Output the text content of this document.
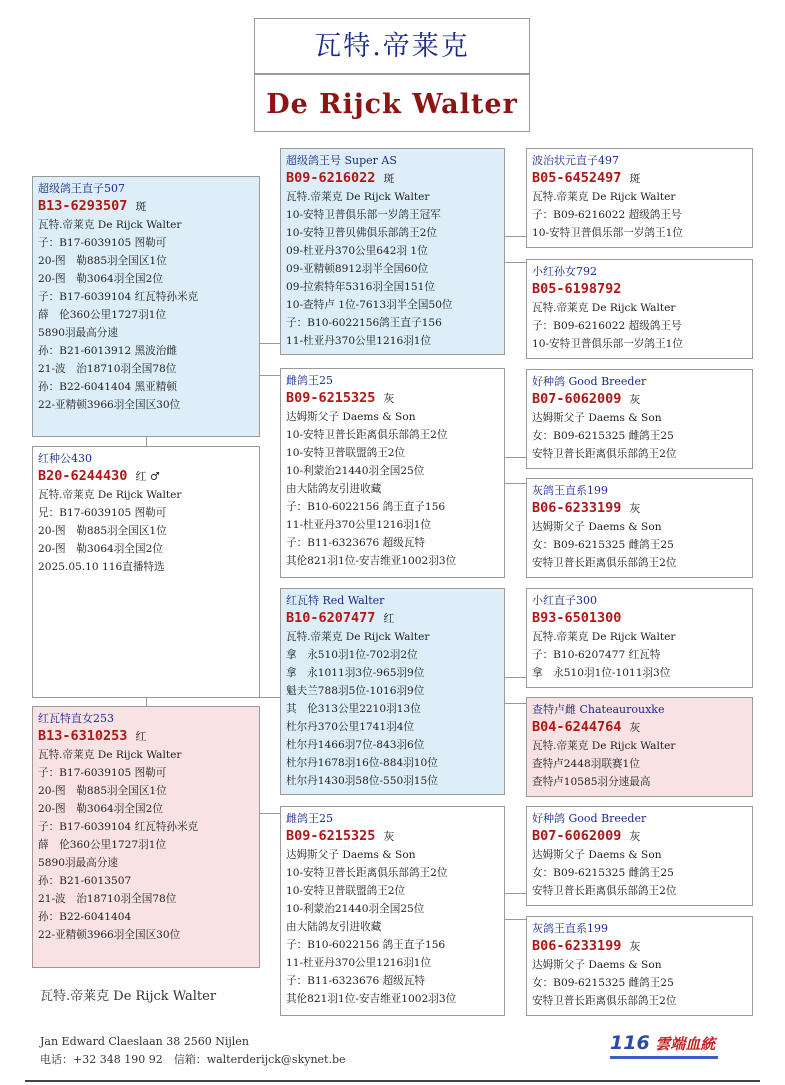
瓦特.帝莱克
De Rijck Walter
超级鸽王直子507
B13-6293507 斑
瓦特.帝莱克 De Rijck Walter
子：B17-6039105 图勒可
20-图　勒885羽全国区1位
20-图　勒3064羽全国2位
子：B17-6039104 红瓦特孙米克
薛　伦360公里1727羽1位
5890羽最高分速
孙：B21-6013912 黑波治雌
21-波　治18710羽全国78位
孙：B22-6041404 黑亚精顿
22-亚精顿3966羽全国区30位
红种公430
B20-6244430 红 ♂
瓦特.帝莱克 De Rijck Walter
兄：B17-6039105 图勒可
20-图　勒885羽全国区1位
20-图　勒3064羽全国2位
2025.05.10 116直播特选
红瓦特直女253
B13-6310253 红
瓦特.帝莱克 De Rijck Walter
子：B17-6039105 图勒可
20-图　勒885羽全国区1位
20-图　勒3064羽全国2位
子：B17-6039104 红瓦特孙米克
薛　伦360公里1727羽1位
5890羽最高分速
孙：B21-6013507
21-波　治18710羽全国78位
孙：B22-6041404
22-亚精顿3966羽全国区30位
超级鸽王号 Super AS
B09-6216022 斑
瓦特.帝莱克 De Rijck Walter
10-安特卫普俱乐部一岁鸽王冠军
10-安特卫普贝佛俱乐部鸽王2位
09-杜亚丹370公里642羽 1位
09-亚精顿8912羽半全国60位
09-拉索特年5316羽全国151位
10-查特卢 1位-7613羽半全国50位
子：B10-6022156鸽王直子156
11-杜亚丹370公里1216羽1位
雌鸽王25
B09-6215325 灰
达姆斯父子 Daems & Son
10-安特卫普长距离俱乐部鸽王2位
10-安特卫普联盟鸽王2位
10-利蒙治21440羽全国25位
由大陆鸽友引进收藏
子：B10-6022156 鸽王直子156
11-杜亚丹370公里1216羽1位
子：B11-6323676 超级瓦特
其伦821羽1位-安吉维亚1002羽3位
红瓦特 Red Walter
B10-6207477 红
瓦特.帝莱克 De Rijck Walter
拿　永510羽1位-702羽2位
拿　永1011羽3位-965羽9位
魁夫兰788羽5位-1016羽9位
其　伦313公里2210羽13位
杜尔丹370公里1741羽4位
杜尔丹1466羽7位-843羽6位
杜尔丹1678羽16位-884羽10位
杜尔丹1430羽58位-550羽15位
雌鸽王25
B09-6215325 灰
达姆斯父子 Daems & Son
10-安特卫普长距离俱乐部鸽王2位
10-安特卫普联盟鸽王2位
10-利蒙治21440羽全国25位
由大陆鸽友引进收藏
子：B10-6022156 鸽王直子156
11-杜亚丹370公里1216羽1位
子：B11-6323676 超级瓦特
其伦821羽1位-安吉维亚1002羽3位
波治状元直子497
B05-6452497 斑
瓦特.帝莱克 De Rijck Walter
子：B09-6216022 超级鸽王号
10-安特卫普俱乐部一岁鸽王1位
小红孙女792
B05-6198792
瓦特.帝莱克 De Rijck Walter
子：B09-6216022 超级鸽王号
10-安特卫普俱乐部一岁鸽王1位
好种鸽 Good Breeder
B07-6062009 灰
达姆斯父子 Daems & Son
女：B09-6215325 雌鸽王25
安特卫普长距离俱乐部鸽王2位
灰鸽王直系199
B06-6233199 灰
达姆斯父子 Daems & Son
女：B09-6215325 雌鸽王25
安特卫普长距离俱乐部鸽王2位
小红直子300
B93-6501300
瓦特.帝莱克 De Rijck Walter
子：B10-6207477 红瓦特
拿　永510羽1位-1011羽3位
查特卢雌 Chateaurouxke
B04-6244764 灰
瓦特.帝莱克 De Rijck Walter
查特卢2448羽联赛1位
查特卢10585羽分速最高
好种鸽 Good Breeder
B07-6062009 灰
达姆斯父子 Daems & Son
女：B09-6215325 雌鸽王25
安特卫普长距离俱乐部鸽王2位
灰鸽王直系199
B06-6233199 灰
达姆斯父子 Daems & Son
女：B09-6215325 雌鸽王25
安特卫普长距离俱乐部鸽王2位
瓦特.帝莱克 De Rijck Walter
Jan Edward Claeslaan 38 2560 Nijlen
电话：+32 348 190 92　信箱：walterderijck@skynet.be
116 雲端血統
